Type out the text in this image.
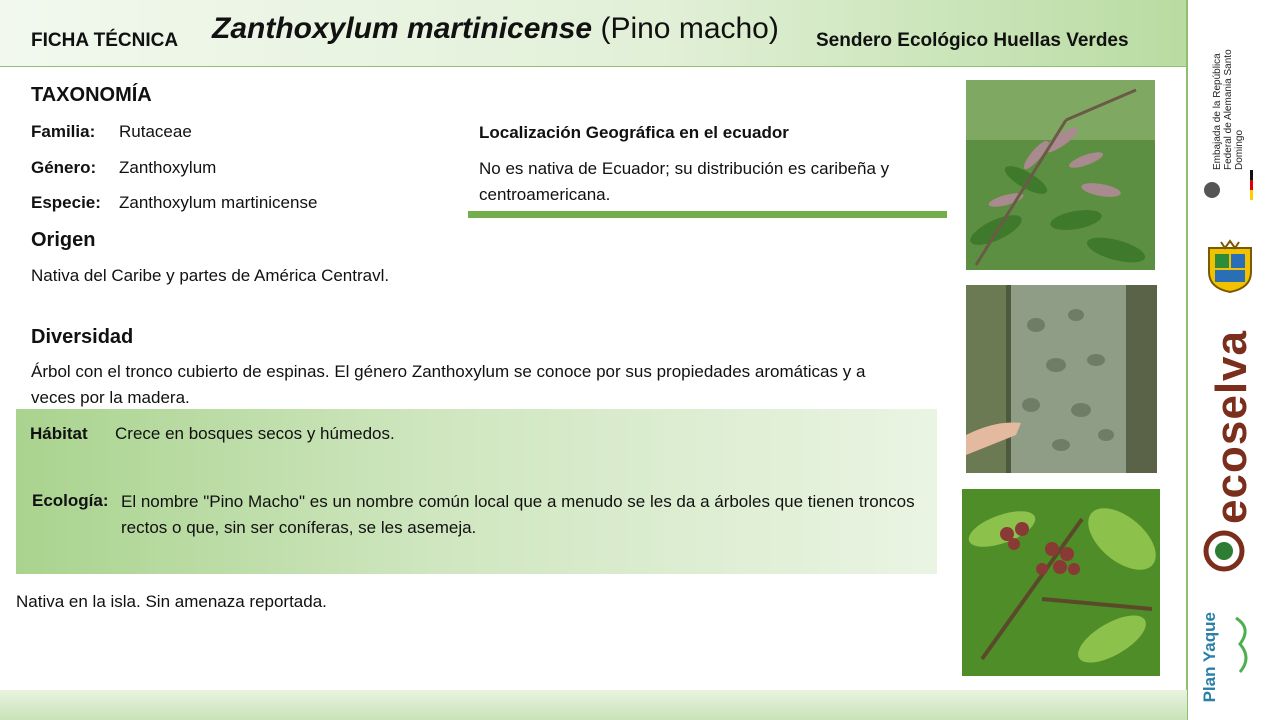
FICHA TÉCNICA Zanthoxylum martinicense (Pino macho) Sendero Ecológico Huellas Verdes
TAXONOMÍA
Familia: Rutaceae
Género: Zanthoxylum
Especie: Zanthoxylum martinicense
Origen
Nativa del Caribe y partes de América Centravl.
Diversidad
Árbol con el tronco cubierto de espinas. El género Zanthoxylum se conoce por sus propiedades aromáticas y a veces por la madera.
Localización Geográfica en el ecuador
No es nativa de Ecuador; su distribución es caribeña y centroamericana.
Hábitat Crece en bosques secos y húmedos.
Ecología: El nombre "Pino Macho" es un nombre común local que a menudo se les da a árboles que tienen troncos rectos o que, sin ser coníferas, se les asemeja.
Nativa en la isla. Sin amenaza reportada.
Embajada de la República Federal de Alemania Santo Domingo
ecoselva
Plan Yaque
